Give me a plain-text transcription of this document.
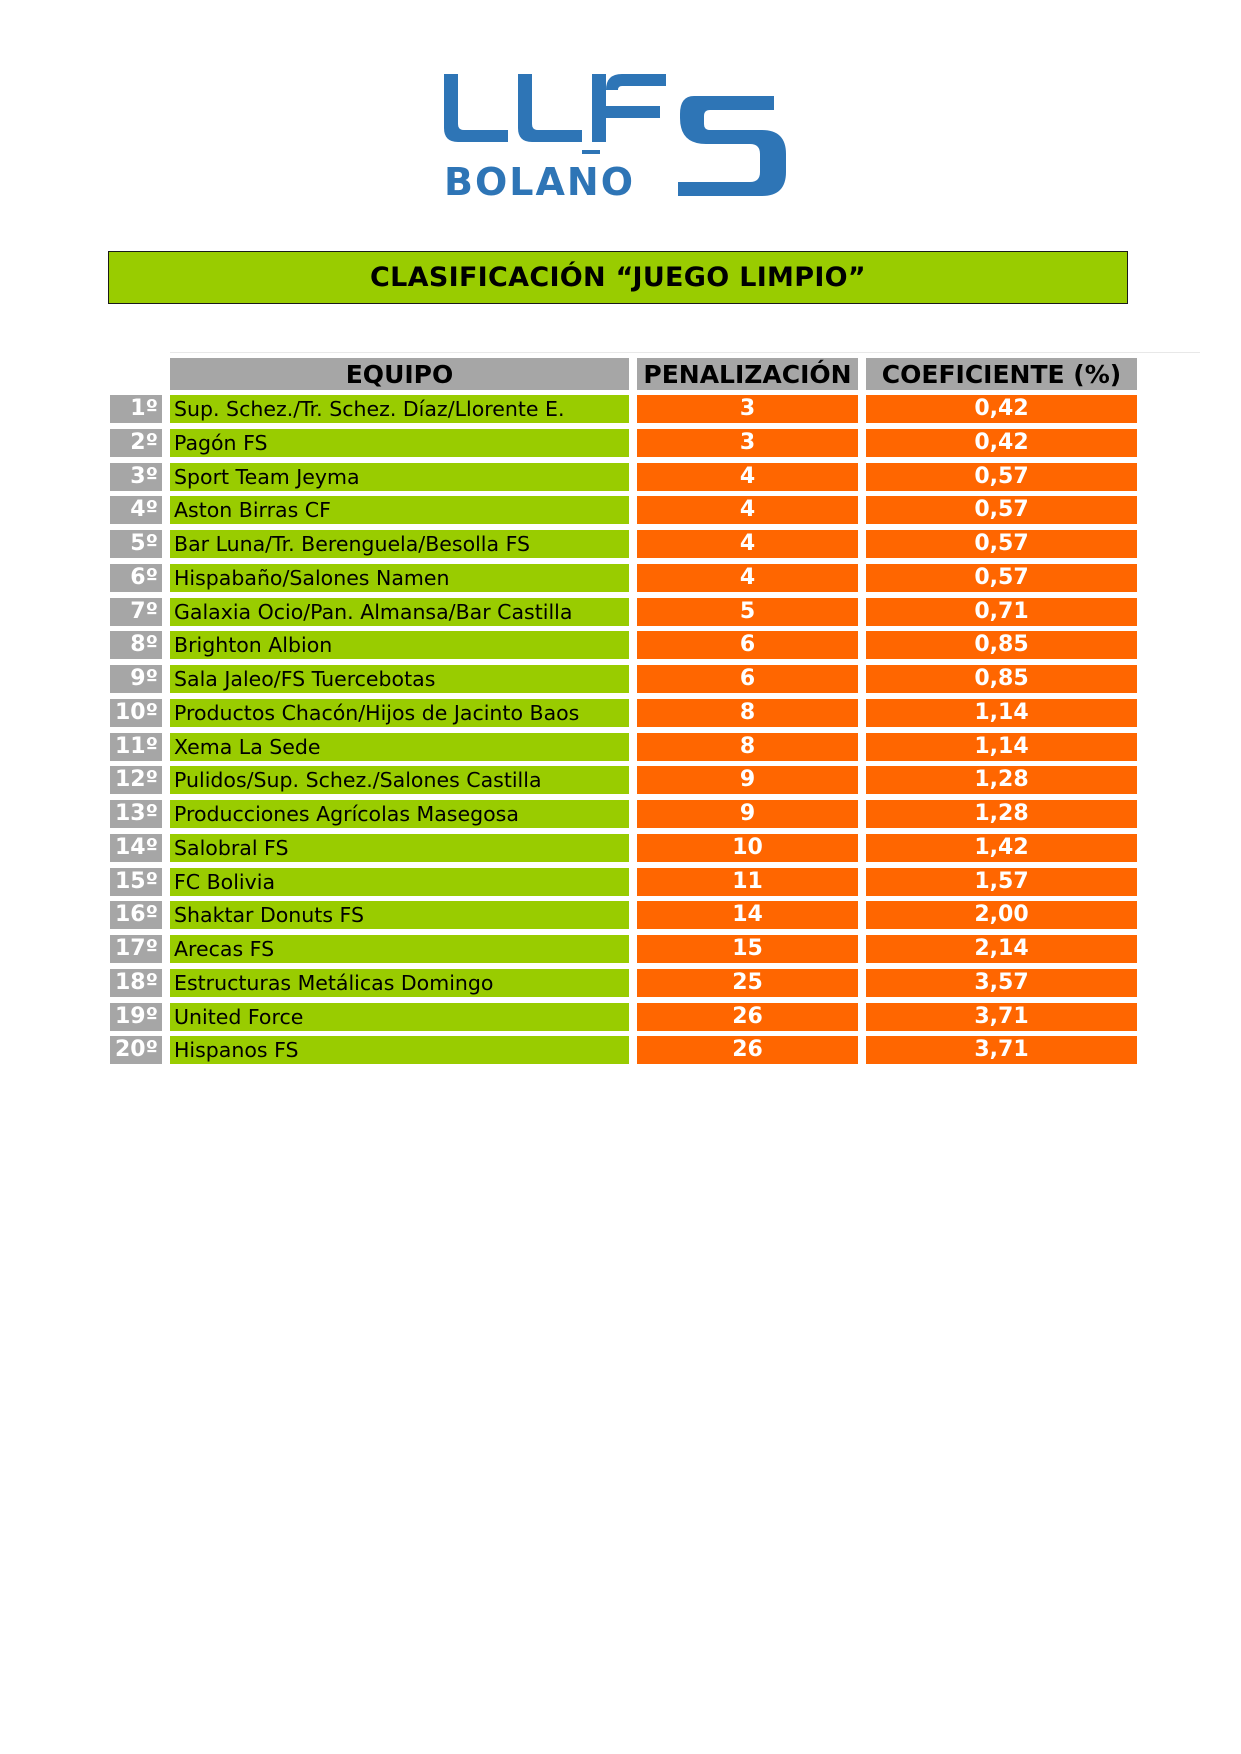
BOLANO
CLASIFICACIÓN “JUEGO LIMPIO”
EQUIPO	PENALIZACIÓN	COEFICIENTE (%)
1º Sup. Schez./Tr. Schez. Díaz/Llorente E.	3	0,42
2º Pagón FS	3	0,42
3º Sport Team Jeyma	4	0,57
4º Aston Birras CF	4	0,57
5º Bar Luna/Tr. Berenguela/Besolla FS	4	0,57
6º Hispabaño/Salones Namen	4	0,57
7º Galaxia Ocio/Pan. Almansa/Bar Castilla	5	0,71
8º Brighton Albion	6	0,85
9º Sala Jaleo/FS Tuercebotas	6	0,85
10º Productos Chacón/Hijos de Jacinto Baos	8	1,14
11º Xema La Sede	8	1,14
12º Pulidos/Sup. Schez./Salones Castilla	9	1,28
13º Producciones Agrícolas Masegosa	9	1,28
14º Salobral FS	10	1,42
15º FC Bolivia	11	1,57
16º Shaktar Donuts FS	14	2,00
17º Arecas FS	15	2,14
18º Estructuras Metálicas Domingo	25	3,57
19º United Force	26	3,71
20º Hispanos FS	26	3,71
